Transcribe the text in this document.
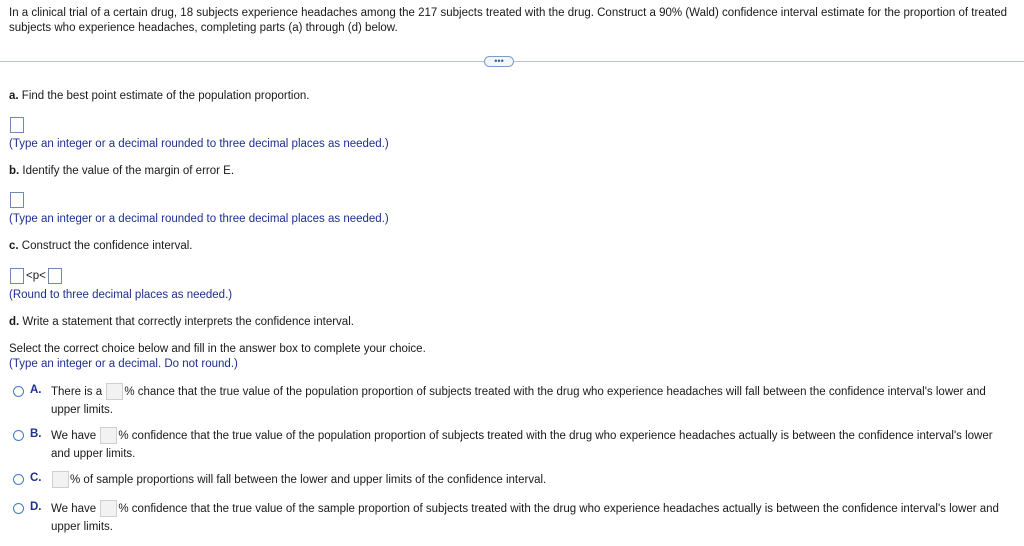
In a clinical trial of a certain drug, 18 subjects experience headaches among the 217 subjects treated with the drug. Construct a 90% (Wald) confidence interval estimate for the proportion of treated subjects who experience headaches, completing parts (a) through (d) below.
•••
a. Find the best point estimate of the population proportion.
(Type an integer or a decimal rounded to three decimal places as needed.)
b. Identify the value of the margin of error E.
(Type an integer or a decimal rounded to three decimal places as needed.)
c. Construct the confidence interval.
<p<
(Round to three decimal places as needed.)
d. Write a statement that correctly interprets the confidence interval.
Select the correct choice below and fill in the answer box to complete your choice.
(Type an integer or a decimal. Do not round.)
A. There is a % chance that the true value of the population proportion of subjects treated with the drug who experience headaches will fall between the confidence interval's lower and upper limits.
B. We have % confidence that the true value of the population proportion of subjects treated with the drug who experience headaches actually is between the confidence interval's lower and upper limits.
C.	% of sample proportions will fall between the lower and upper limits of the confidence interval.
D. We have % confidence that the true value of the sample proportion of subjects treated with the drug who experience headaches actually is between the confidence interval's lower and upper limits.
